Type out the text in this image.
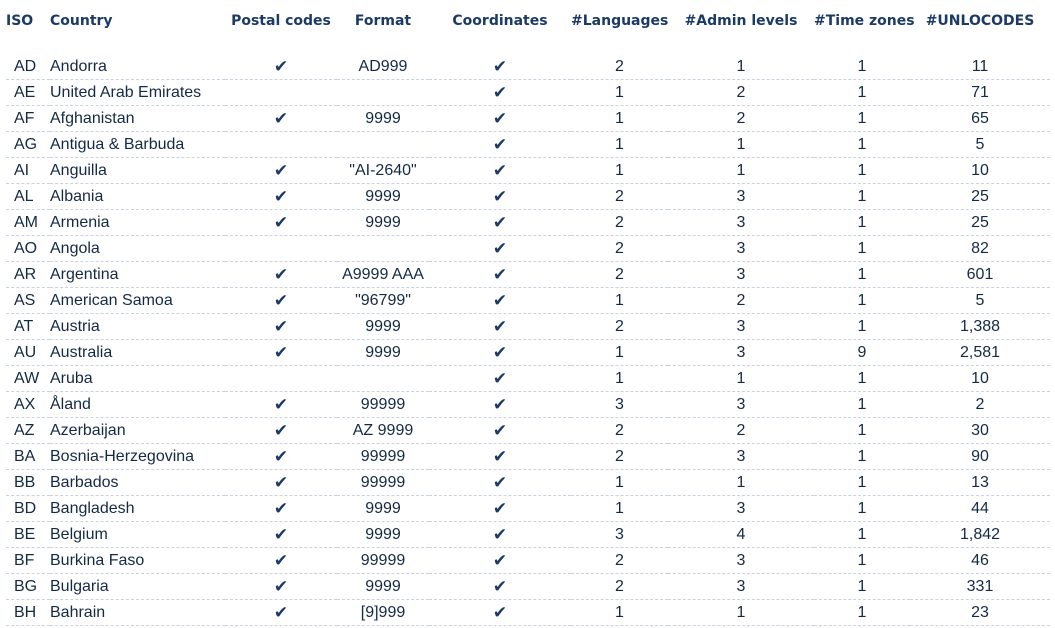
ISO	Country	Postal codes	Format	Coordinates	#Languages	#Admin levels	#Time zones	#UNLOCODES

AD	Andorra	✔	AD999	✔	2	1	1	11
AE	United Arab Emirates			✔	1	2	1	71
AF	Afghanistan	✔	9999	✔	1	2	1	65
AG	Antigua & Barbuda			✔	1	1	1	5
AI	Anguilla	✔	"AI-2640"	✔	1	1	1	10
AL	Albania	✔	9999	✔	2	3	1	25
AM	Armenia	✔	9999	✔	2	3	1	25
AO	Angola			✔	2	3	1	82
AR	Argentina	✔	A9999 AAA	✔	2	3	1	601
AS	American Samoa	✔	"96799"	✔	1	2	1	5
AT	Austria	✔	9999	✔	2	3	1	1,388
AU	Australia	✔	9999	✔	1	3	9	2,581
AW	Aruba			✔	1	1	1	10
AX	Åland	✔	99999	✔	3	3	1	2
AZ	Azerbaijan	✔	AZ 9999	✔	2	2	1	30
BA	Bosnia-Herzegovina	✔	99999	✔	2	3	1	90
BB	Barbados	✔	99999	✔	1	1	1	13
BD	Bangladesh	✔	9999	✔	1	3	1	44
BE	Belgium	✔	9999	✔	3	4	1	1,842
BF	Burkina Faso	✔	99999	✔	2	3	1	46
BG	Bulgaria	✔	9999	✔	2	3	1	331
BH	Bahrain	✔	[9]999	✔	1	1	1	23
